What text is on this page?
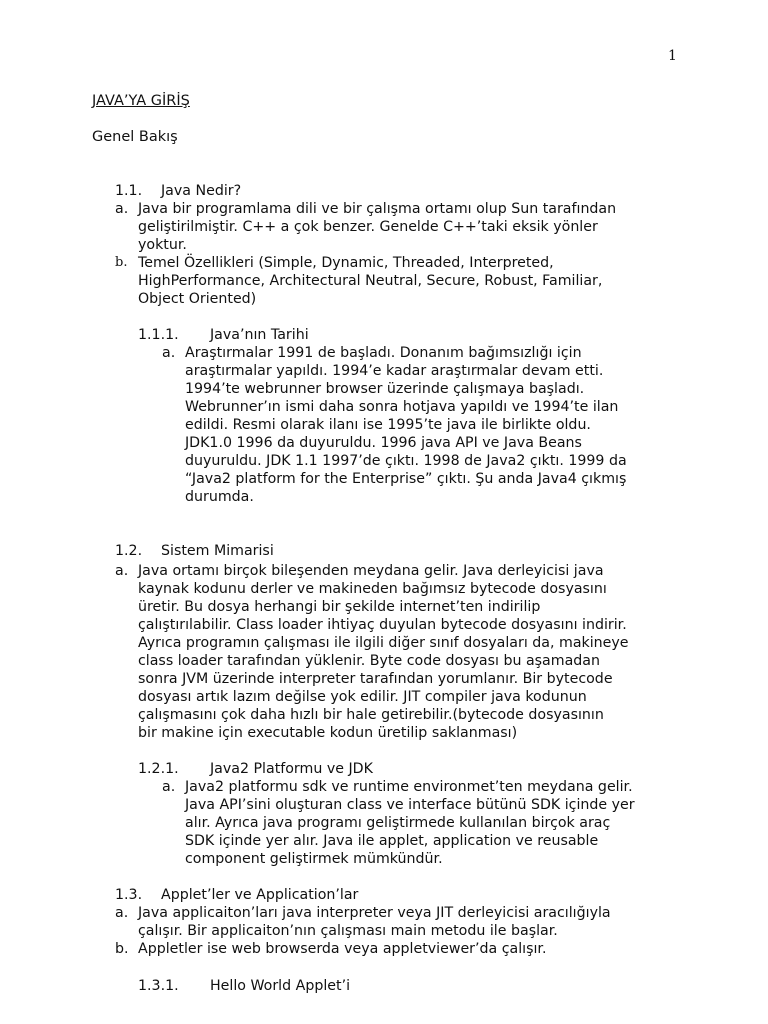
1
JAVA’YA GİRİŞ
Genel Bakış

1.1. Java Nedir?

a. Java bir programlama dili ve bir çalışma ortamı olup Sun tarafından
geliştirilmiştir. C++ a çok benzer. Genelde C++’taki eksik yönler
yoktur.
b. Temel Özellikleri (Simple, Dynamic, Threaded, Interpreted,
HighPerformance, Architectural Neutral, Secure, Robust, Familiar,
Object Oriented)

1.1.1. Java’nın Tarihi

a. Araştırmalar 1991 de başladı. Donanım bağımsızlığı için
araştırmalar yapıldı. 1994’e kadar araştırmalar devam etti.
1994’te webrunner browser üzerinde çalışmaya başladı.
Webrunner’ın ismi daha sonra hotjava yapıldı ve 1994’te ilan
edildi. Resmi olarak ilanı ise 1995’te java ile birlikte oldu.
JDK1.0 1996 da duyuruldu. 1996 java API ve Java Beans
duyuruldu. JDK 1.1 1997’de çıktı. 1998 de Java2 çıktı. 1999 da
“Java2 platform for the Enterprise” çıktı. Şu anda Java4 çıkmış
durumda.

1.2. Sistem Mimarisi

a. Java ortamı birçok bileşenden meydana gelir. Java derleyicisi java
kaynak kodunu derler ve makineden bağımsız bytecode dosyasını
üretir. Bu dosya herhangi bir şekilde internet’ten indirilip
çalıştırılabilir. Class loader ihtiyaç duyulan bytecode dosyasını indirir.
Ayrıca programın çalışması ile ilgili diğer sınıf dosyaları da, makineye
class loader tarafından yüklenir. Byte code dosyası bu aşamadan
sonra JVM üzerinde interpreter tarafından yorumlanır. Bir bytecode
dosyası artık lazım değilse yok edilir. JIT compiler java kodunun
çalışmasını çok daha hızlı bir hale getirebilir.(bytecode dosyasının
bir makine için executable kodun üretilip saklanması)

1.2.1. Java2 Platformu ve JDK

a. Java2 platformu sdk ve runtime environmet’ten meydana gelir.
Java API’sini oluşturan class ve interface bütünü SDK içinde yer
alır. Ayrıca java programı geliştirmede kullanılan birçok araç
SDK içinde yer alır. Java ile applet, application ve reusable
component geliştirmek mümkündür.

1.3. Applet’ler ve Application’lar

a. Java applicaiton’ları java interpreter veya JIT derleyicisi aracılığıyla
çalışır. Bir applicaiton’nın çalışması main metodu ile başlar.
b. Appletler ise web browserda veya appletviewer’da çalışır.

1.3.1. Hello World Applet’i
